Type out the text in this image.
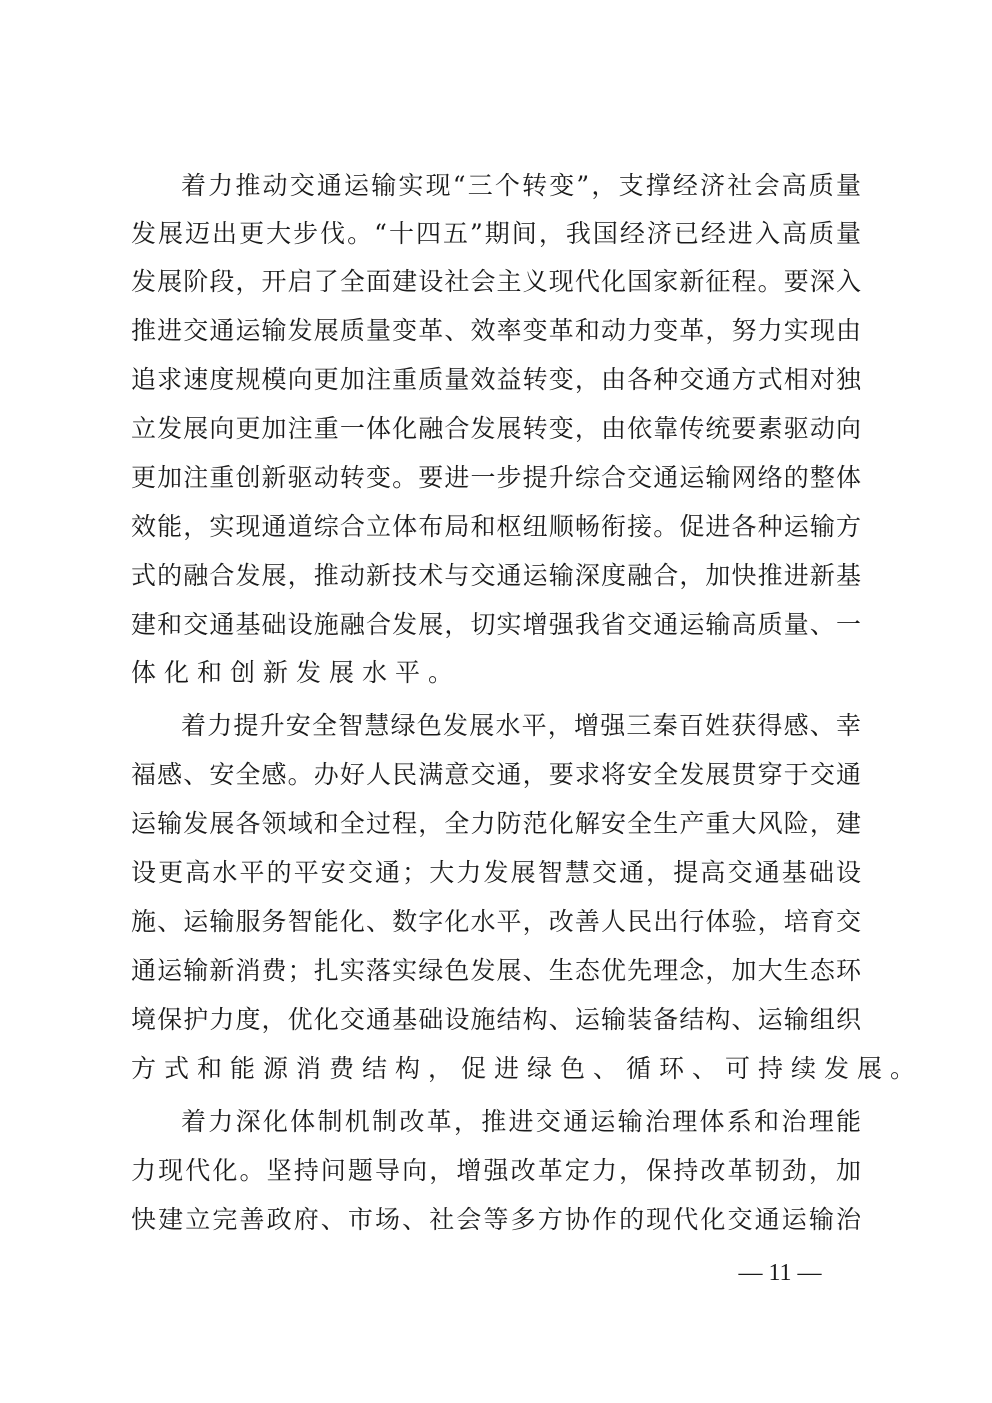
着力推动交通运输实现“三个转变”，支撑经济社会高质量
发展迈出更大步伐。“十四五”期间，我国经济已经进入高质量
发展阶段，开启了全面建设社会主义现代化国家新征程。要深入
推进交通运输发展质量变革、效率变革和动力变革，努力实现由
追求速度规模向更加注重质量效益转变，由各种交通方式相对独
立发展向更加注重一体化融合发展转变，由依靠传统要素驱动向
更加注重创新驱动转变。要进一步提升综合交通运输网络的整体
效能，实现通道综合立体布局和枢纽顺畅衔接。促进各种运输方
式的融合发展，推动新技术与交通运输深度融合，加快推进新基
建和交通基础设施融合发展，切实增强我省交通运输高质量、一
体化和创新发展水平。
着力提升安全智慧绿色发展水平，增强三秦百姓获得感、幸
福感、安全感。办好人民满意交通，要求将安全发展贯穿于交通
运输发展各领域和全过程，全力防范化解安全生产重大风险，建
设更高水平的平安交通；大力发展智慧交通，提高交通基础设
施、运输服务智能化、数字化水平，改善人民出行体验，培育交
通运输新消费；扎实落实绿色发展、生态优先理念，加大生态环
境保护力度，优化交通基础设施结构、运输装备结构、运输组织
方式和能源消费结构，促进绿色、循环、可持续发展。
着力深化体制机制改革，推进交通运输治理体系和治理能
力现代化。坚持问题导向，增强改革定力，保持改革韧劲，加
快建立完善政府、市场、社会等多方协作的现代化交通运输治
— 11 —
